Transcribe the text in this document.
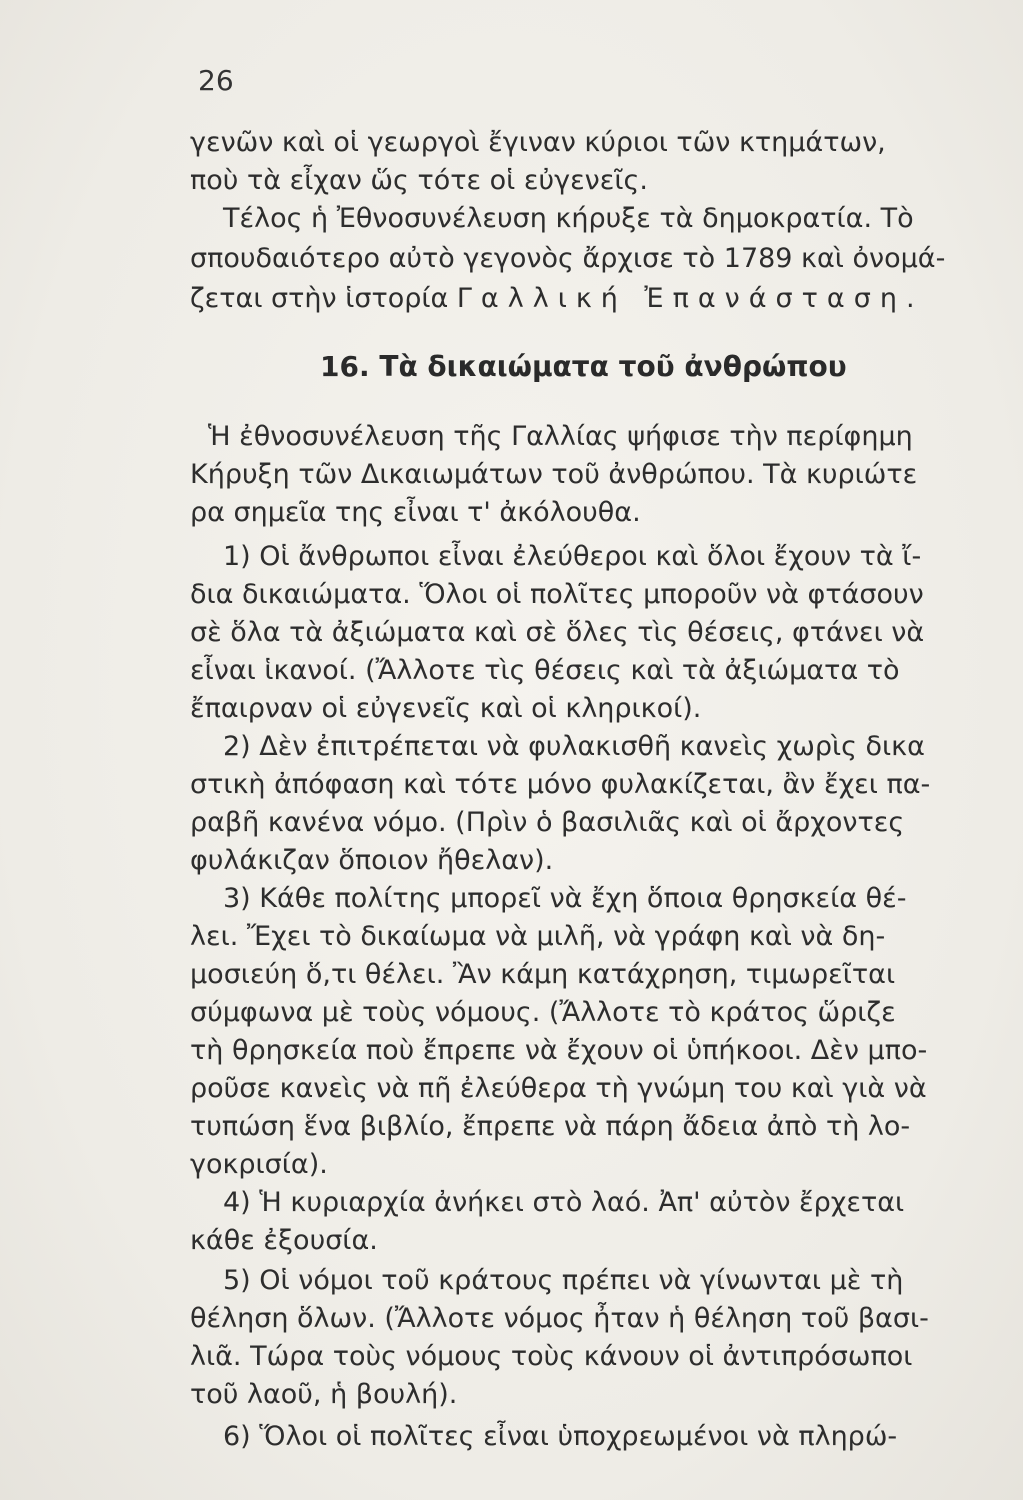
26
γενῶν καὶ οἱ γεωργοὶ ἔγιναν κύριοι τῶν κτημάτων,
ποὺ τὰ εἶχαν ὥς τότε οἱ εὐγενεῖς.
Τέλος ἡ Ἐθνοσυνέλευση κήρυξε τὰ δημοκρατία. Τὸ
σπουδαιότερο αὐτὸ γεγονὸς ἄρχισε τὸ 1789 καὶ ὀνομά-
ζεται στὴν ἱστορία Γαλλική Ἐπανάσταση.
16. Τὰ δικαιώματα τοῦ ἀνθρώπου
Ἡ ἐθνοσυνέλευση τῆς Γαλλίας ψήφισε τὴν περίφημη
Κήρυξη τῶν Δικαιωμάτων τοῦ ἀνθρώπου. Τὰ κυριώτε
ρα σημεῖα της εἶναι τ' ἀκόλουθα.
1) Οἱ ἄνθρωποι εἶναι ἐλεύθεροι καὶ ὅλοι ἔχουν τὰ ἴ-
δια δικαιώματα. Ὅλοι οἱ πολῖτες μποροῦν νὰ φτάσουν
σὲ ὅλα τὰ ἀξιώματα καὶ σὲ ὅλες τὶς θέσεις, φτάνει νὰ
εἶναι ἱκανοί. (Ἄλλοτε τὶς θέσεις καὶ τὰ ἀξιώματα τὸ
ἔπαιρναν οἱ εὐγενεῖς καὶ οἱ κληρικοί).
2) Δὲν ἐπιτρέπεται νὰ φυλακισθῆ κανεὶς χωρὶς δικα
στικὴ ἀπόφαση καὶ τότε μόνο φυλακίζεται, ἂν ἔχει πα-
ραβῆ κανένα νόμο. (Πρὶν ὁ βασιλιᾶς καὶ οἱ ἄρχοντες
φυλάκιζαν ὅποιον ἤθελαν).
3) Κάθε πολίτης μπορεῖ νὰ ἔχη ὅποια θρησκεία θέ-
λει. Ἔχει τὸ δικαίωμα νὰ μιλῆ, νὰ γράφη καὶ νὰ δη-
μοσιεύη ὅ,τι θέλει. Ἂν κάμη κατάχρηση, τιμωρεῖται
σύμφωνα μὲ τοὺς νόμους. (Ἄλλοτε τὸ κράτος ὥριζε
τὴ θρησκεία ποὺ ἔπρεπε νὰ ἔχουν οἱ ὑπήκοοι. Δὲν μπο-
ροῦσε κανεὶς νὰ πῆ ἐλεύθερα τὴ γνώμη του καὶ γιὰ νὰ
τυπώση ἕνα βιβλίο, ἔπρεπε νὰ πάρη ἄδεια ἀπὸ τὴ λο-
γοκρισία).
4) Ἡ κυριαρχία ἀνήκει στὸ λαό. Ἀπ' αὐτὸν ἔρχεται
κάθε ἐξουσία.
5) Οἱ νόμοι τοῦ κράτους πρέπει νὰ γίνωνται μὲ τὴ
θέληση ὅλων. (Ἄλλοτε νόμος ἦταν ἡ θέληση τοῦ βασι-
λιᾶ. Τώρα τοὺς νόμους τοὺς κάνουν οἱ ἀντιπρόσωποι
τοῦ λαοῦ, ἡ βουλή).
6) Ὅλοι οἱ πολῖτες εἶναι ὑποχρεωμένοι νὰ πληρώ-
